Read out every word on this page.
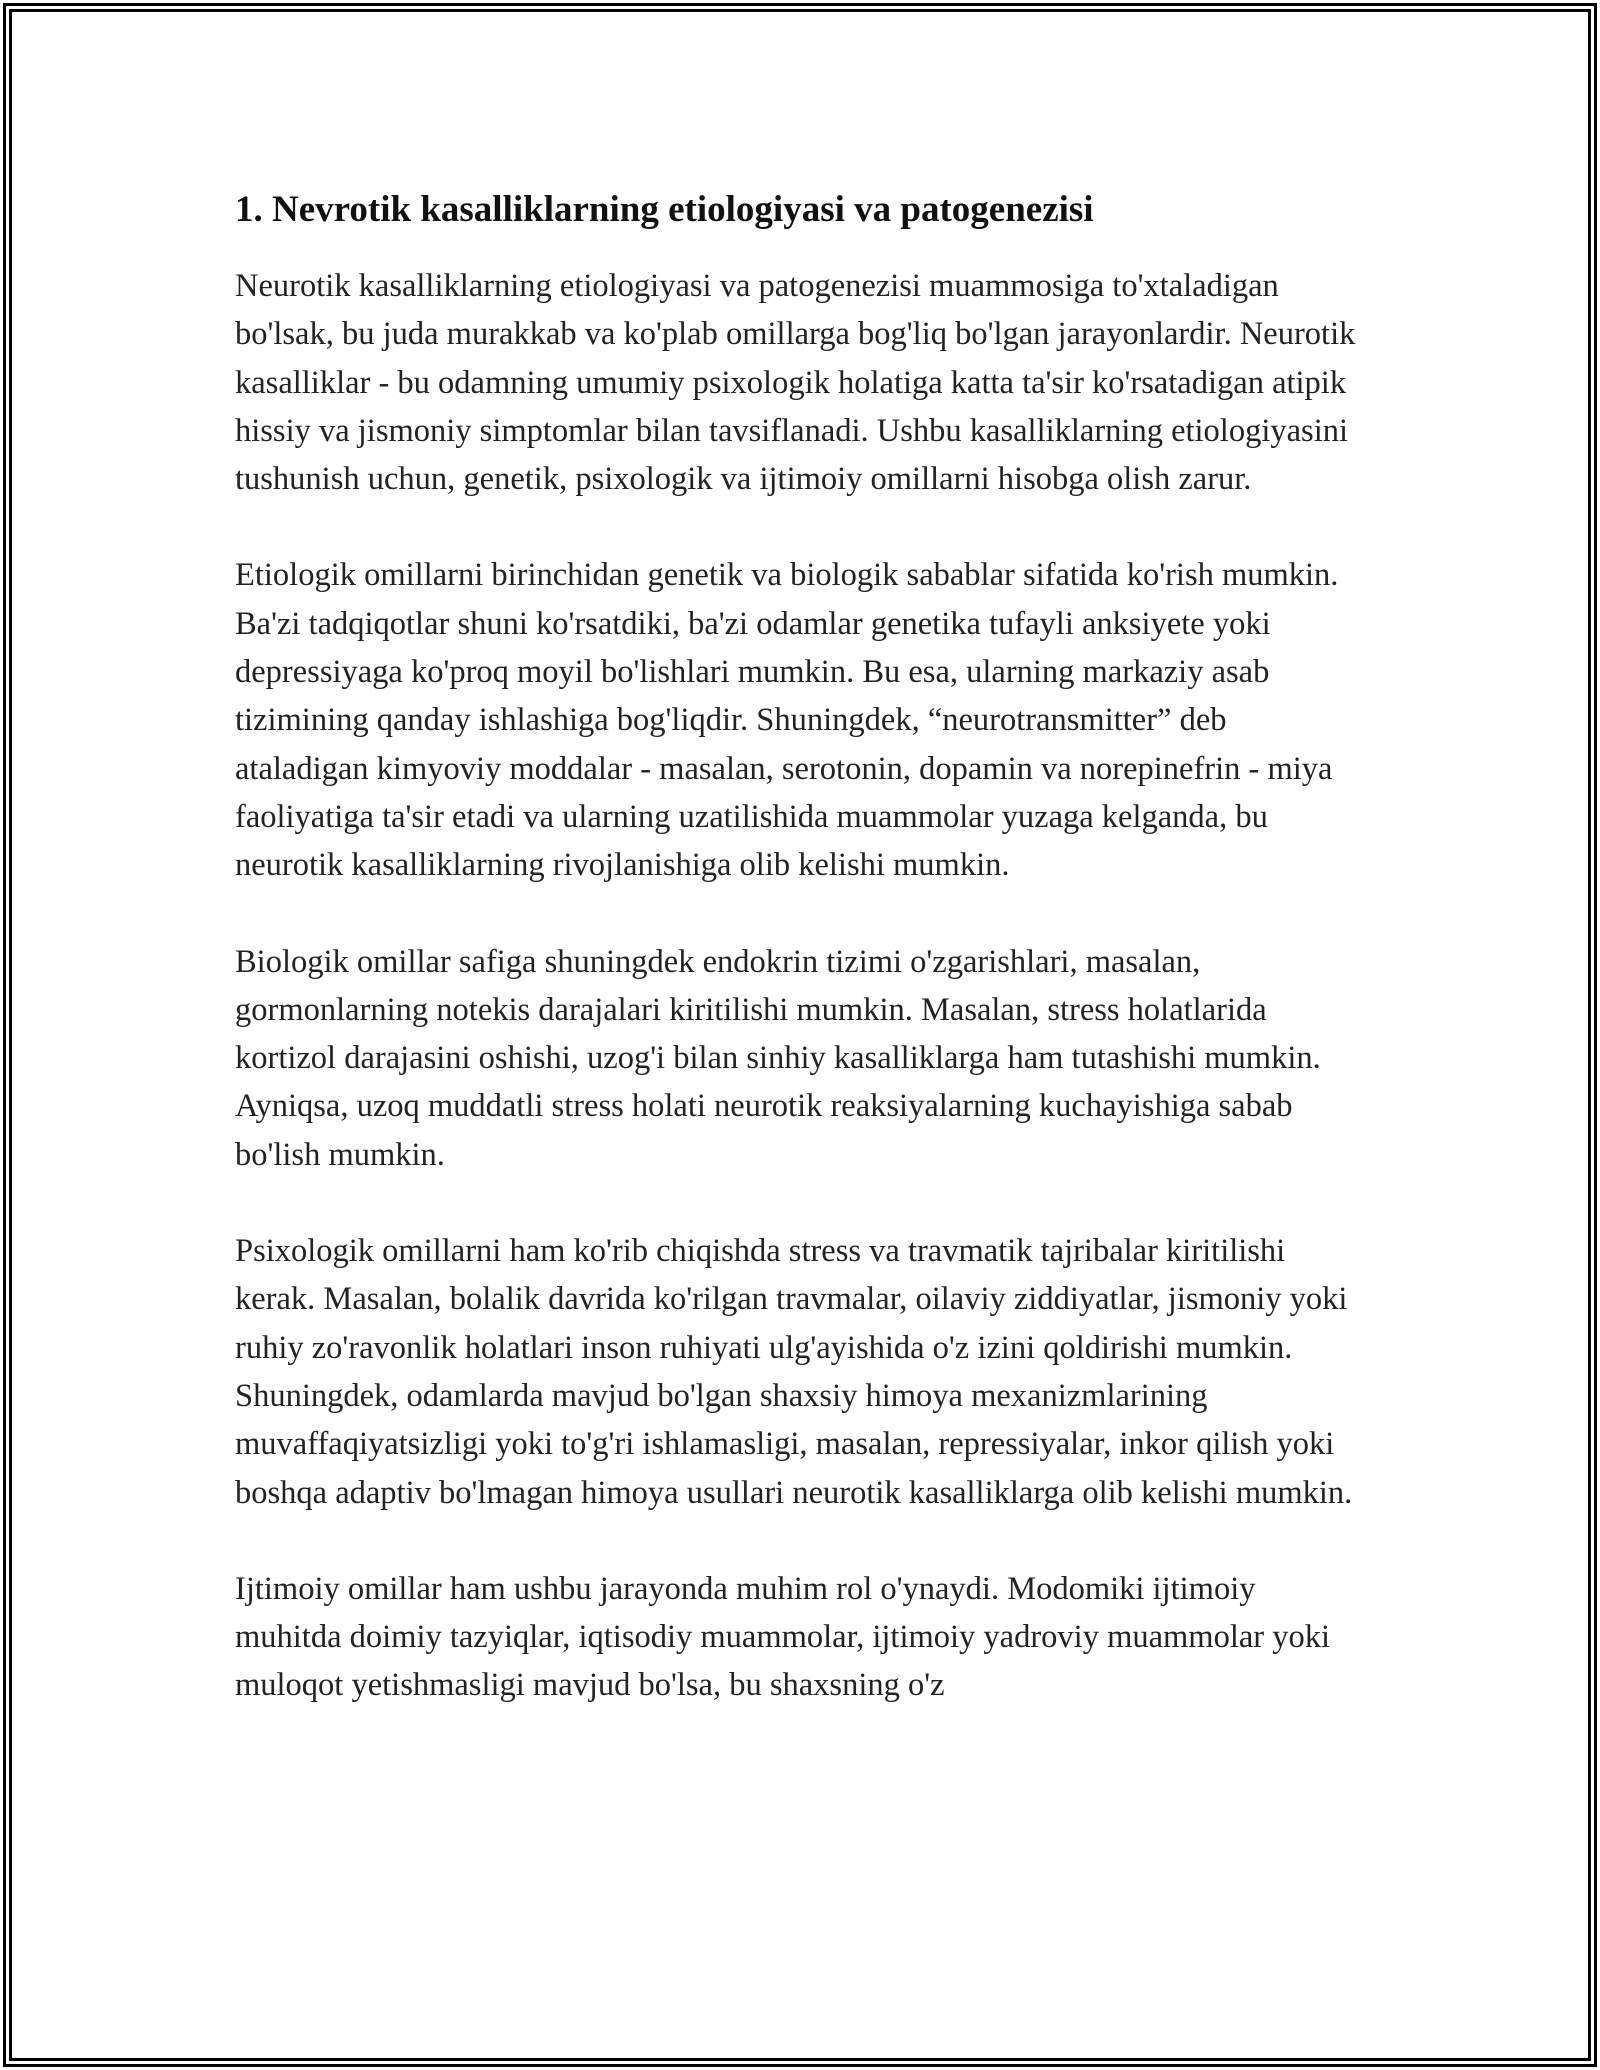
1. Nevrotik kasalliklarning etiologiyasi va patogenezisi

Neurotik kasalliklarning etiologiyasi va patogenezisi muammosiga to'xtaladigan bo'lsak, bu juda murakkab va ko'plab omillarga bog'liq bo'lgan jarayonlardir. Neurotik kasalliklar - bu odamning umumiy psixologik holatiga katta ta'sir ko'rsatadigan atipik hissiy va jismoniy simptomlar bilan tavsiflanadi. Ushbu kasalliklarning etiologiyasini tushunish uchun, genetik, psixologik va ijtimoiy omillarni hisobga olish zarur.

Etiologik omillarni birinchidan genetik va biologik sabablar sifatida ko'rish mumkin. Ba'zi tadqiqotlar shuni ko'rsatdiki, ba'zi odamlar genetika tufayli anksiyete yoki depressiyaga ko'proq moyil bo'lishlari mumkin. Bu esa, ularning markaziy asab tizimining qanday ishlashiga bog'liqdir. Shuningdek, “neurotransmitter” deb ataladigan kimyoviy moddalar - masalan, serotonin, dopamin va norepinefrin - miya faoliyatiga ta'sir etadi va ularning uzatilishida muammolar yuzaga kelganda, bu neurotik kasalliklarning rivojlanishiga olib kelishi mumkin.

Biologik omillar safiga shuningdek endokrin tizimi o'zgarishlari, masalan, gormonlarning notekis darajalari kiritilishi mumkin. Masalan, stress holatlarida kortizol darajasini oshishi, uzog'i bilan sinhiy kasalliklarga ham tutashishi mumkin. Ayniqsa, uzoq muddatli stress holati neurotik reaksiyalarning kuchayishiga sabab bo'lish mumkin.

Psixologik omillarni ham ko'rib chiqishda stress va travmatik tajribalar kiritilishi kerak. Masalan, bolalik davrida ko'rilgan travmalar, oilaviy ziddiyatlar, jismoniy yoki ruhiy zo'ravonlik holatlari inson ruhiyati ulg'ayishida o'z izini qoldirishi mumkin. Shuningdek, odamlarda mavjud bo'lgan shaxsiy himoya mexanizmlarining muvaffaqiyatsizligi yoki to'g'ri ishlamasligi, masalan, repressiyalar, inkor qilish yoki boshqa adaptiv bo'lmagan himoya usullari neurotik kasalliklarga olib kelishi mumkin.

Ijtimoiy omillar ham ushbu jarayonda muhim rol o'ynaydi. Modomiki ijtimoiy muhitda doimiy tazyiqlar, iqtisodiy muammolar, ijtimoiy yadroviy muammolar yoki muloqot yetishmasligi mavjud bo'lsa, bu shaxsning o'z
